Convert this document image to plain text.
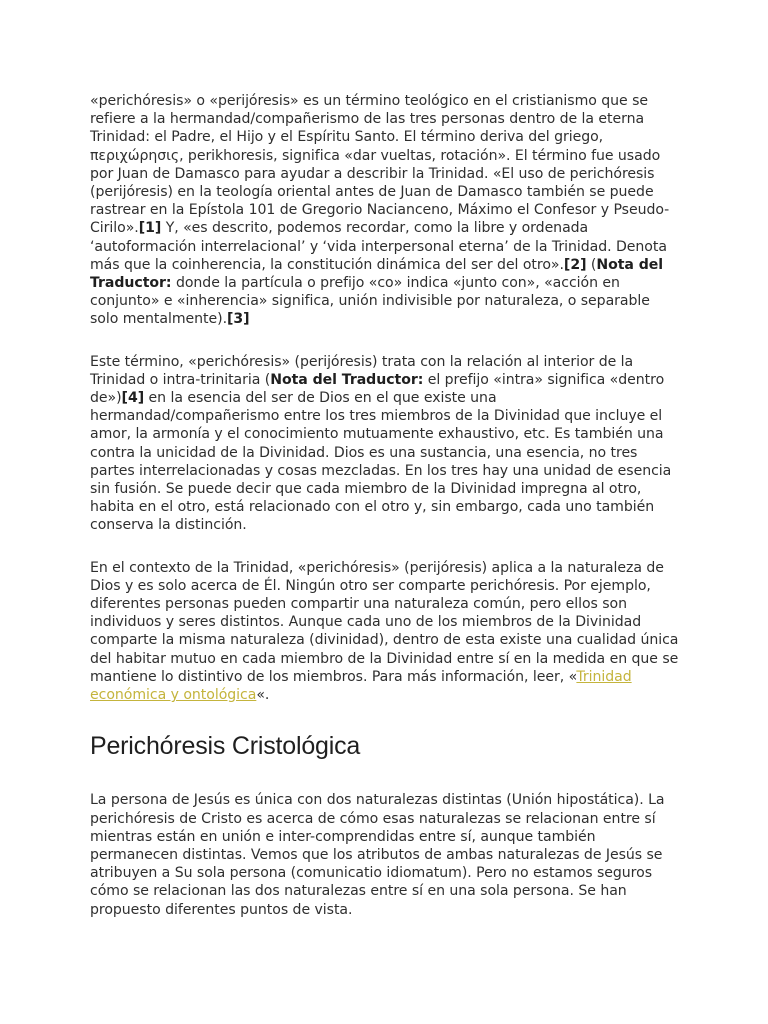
«perichóresis» o «perijóresis» es un término teológico en el cristianismo que se refiere a la hermandad/compañerismo de las tres personas dentro de la eterna Trinidad: el Padre, el Hijo y el Espíritu Santo. El término deriva del griego, περιχώρησις, perikhoresis, significa «dar vueltas, rotación». El término fue usado por Juan de Damasco para ayudar a describir la Trinidad. «El uso de perichóresis (perijóresis) en la teología oriental antes de Juan de Damasco también se puede rastrear en la Epístola 101 de Gregorio Nacianceno, Máximo el Confesor y Pseudo-Cirilo».[1] Y, «es descrito, podemos recordar, como la libre y ordenada ‘autoformación interrelacional’ y ‘vida interpersonal eterna’ de la Trinidad. Denota más que la coinherencia, la constitución dinámica del ser del otro».[2] (Nota del Traductor: donde la partícula o prefijo «co» indica «junto con», «acción en conjunto» e «inherencia» significa, unión indivisible por naturaleza, o separable solo mentalmente).[3]

Este término, «perichóresis» (perijóresis) trata con la relación al interior de la Trinidad o intra-trinitaria (Nota del Traductor: el prefijo «intra» significa «dentro de»)[4] en la esencia del ser de Dios en el que existe una hermandad/compañerismo entre los tres miembros de la Divinidad que incluye el amor, la armonía y el conocimiento mutuamente exhaustivo, etc. Es también una contra la unicidad de la Divinidad. Dios es una sustancia, una esencia, no tres partes interrelacionadas y cosas mezcladas. En los tres hay una unidad de esencia sin fusión. Se puede decir que cada miembro de la Divinidad impregna al otro, habita en el otro, está relacionado con el otro y, sin embargo, cada uno también conserva la distinción.

En el contexto de la Trinidad, «perichóresis» (perijóresis) aplica a la naturaleza de Dios y es solo acerca de Él. Ningún otro ser comparte perichóresis. Por ejemplo, diferentes personas pueden compartir una naturaleza común, pero ellos son individuos y seres distintos. Aunque cada uno de los miembros de la Divinidad comparte la misma naturaleza (divinidad), dentro de esta existe una cualidad única del habitar mutuo en cada miembro de la Divinidad entre sí en la medida en que se mantiene lo distintivo de los miembros. Para más información, leer, «Trinidad económica y ontológica«.

Perichóresis Cristológica

La persona de Jesús es única con dos naturalezas distintas (Unión hipostática). La perichóresis de Cristo es acerca de cómo esas naturalezas se relacionan entre sí mientras están en unión e inter-comprendidas entre sí, aunque también permanecen distintas. Vemos que los atributos de ambas naturalezas de Jesús se atribuyen a Su sola persona (comunicatio idiomatum). Pero no estamos seguros cómo se relacionan las dos naturalezas entre sí en una sola persona. Se han propuesto diferentes puntos de vista.
